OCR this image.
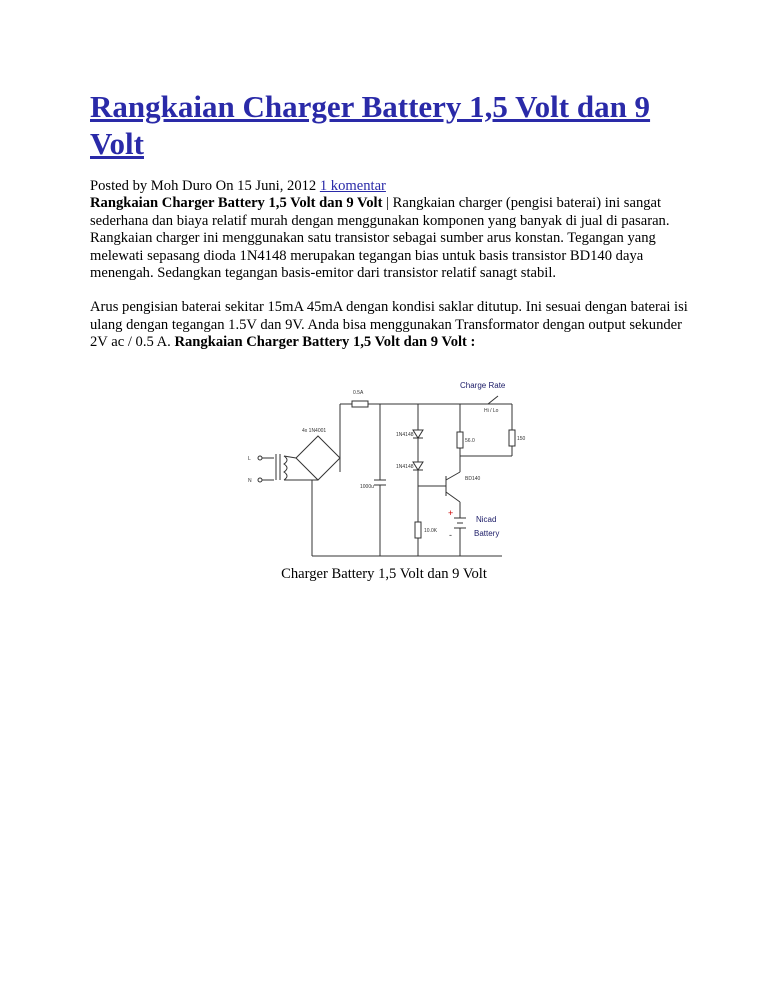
Rangkaian Charger Battery 1,5 Volt dan 9 Volt

Posted by Moh Duro On 15 Juni, 2012 1 komentar
Rangkaian Charger Battery 1,5 Volt dan 9 Volt | Rangkaian charger (pengisi baterai) ini sangat sederhana dan biaya relatif murah dengan menggunakan komponen yang banyak di jual di pasaran. Rangkaian charger ini menggunakan satu transistor sebagai sumber arus konstan. Tegangan yang melewati sepasang dioda 1N4148 merupakan tegangan bias untuk basis transistor BD140 daya menengah. Sedangkan tegangan basis-emitor dari transistor relatif sanagt stabil.

Arus pengisian baterai sekitar 15mA 45mA dengan kondisi saklar ditutup. Ini sesuai dengan baterai isi ulang dengan tegangan 1.5V dan 9V. Anda bisa menggunakan Transformator dengan output sekunder 2V ac / 0.5 A. Rangkaian Charger Battery 1,5 Volt dan 9 Volt :

0.5A
4x 1N4001
1000u
1N4148
1N4148
56.0
10.0K
150
BD140
Hi / Lo
L
N
Charge Rate
Nicad
Battery
+
-
Charger Battery 1,5 Volt dan 9 Volt
